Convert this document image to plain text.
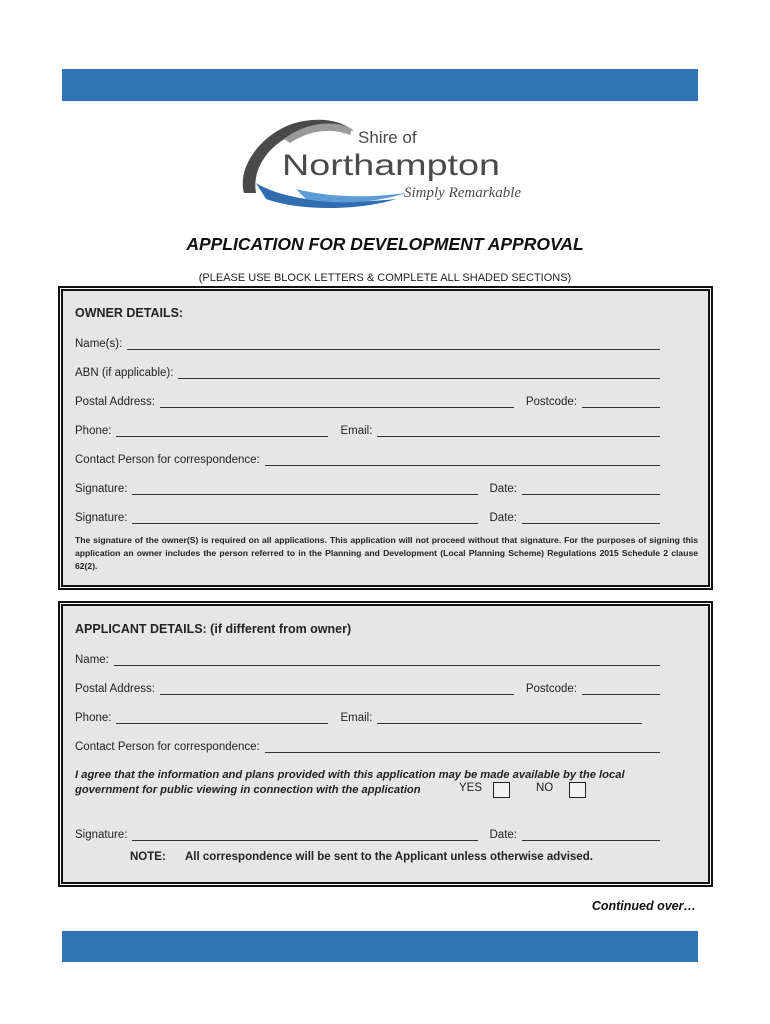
Shire of
Northampton
Simply Remarkable
APPLICATION FOR DEVELOPMENT APPROVAL
(PLEASE USE BLOCK LETTERS & COMPLETE ALL SHADED SECTIONS)
OWNER DETAILS:
Name(s):
ABN (if applicable):
Postal Address:	Postcode:
Phone:	Email:
Contact Person for correspondence:
Signature:	Date:
Signature:	Date:
The signature of the owner(S) is required on all applications. This application will not proceed without that signature. For the purposes of signing this application an owner includes the person referred to in the Planning and Development (Local Planning Scheme) Regulations 2015 Schedule 2 clause 62(2).
APPLICANT DETAILS: (if different from owner)
Name:
Postal Address:	Postcode:
Phone:	Email:
Contact Person for correspondence:
I agree that the information and plans provided with this application may be made available by the local
government for public viewing in connection with the application	YES	NO
Signature:	Date:
NOTE: All correspondence will be sent to the Applicant unless otherwise advised.
Continued over…
